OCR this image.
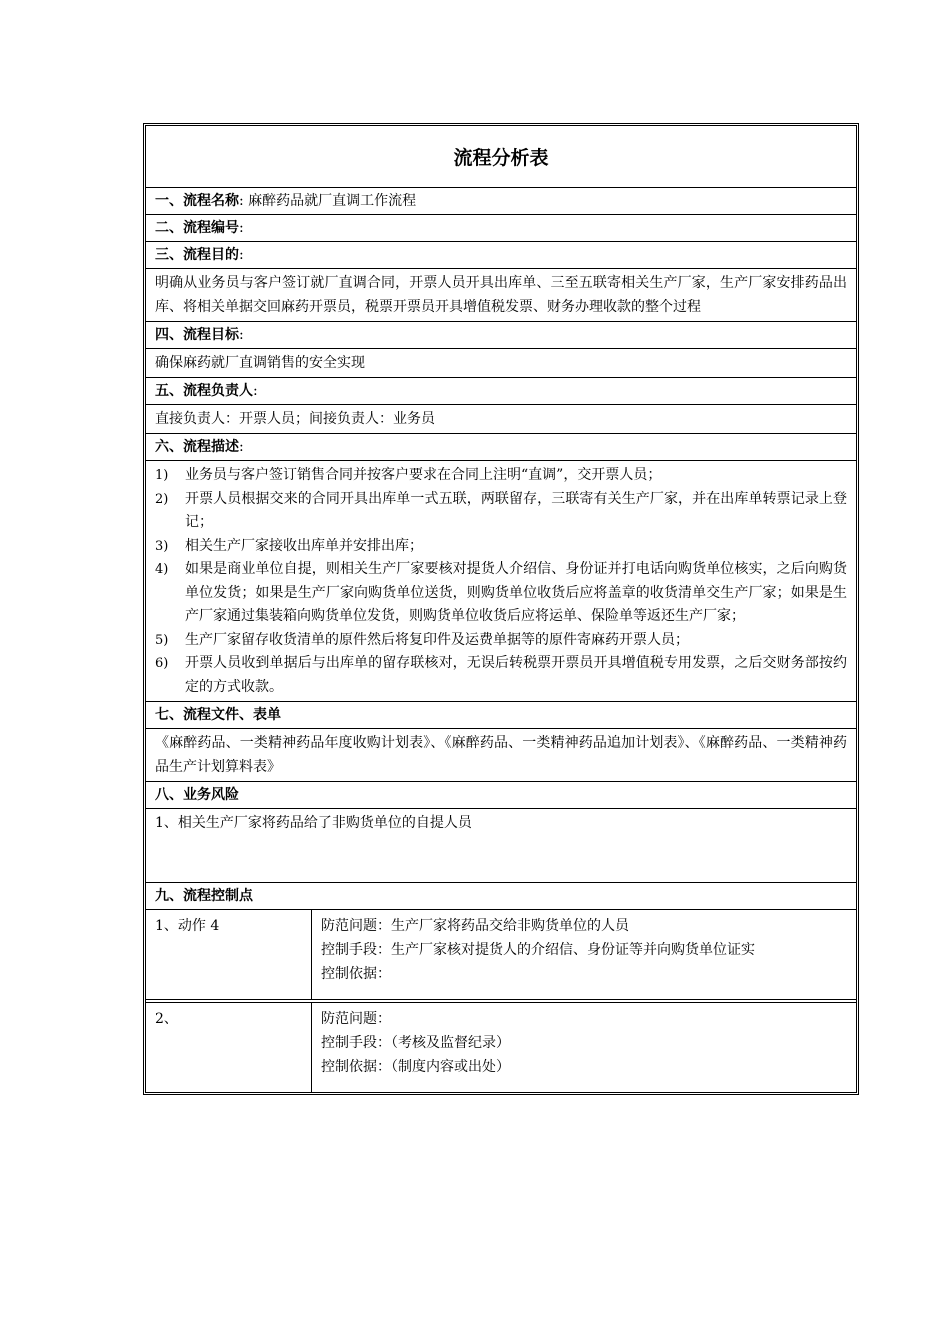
流程分析表
一、流程名称: 麻醉药品就厂直调工作流程
二、流程编号:
三、流程目的:
明确从业务员与客户签订就厂直调合同，开票人员开具出库单、三至五联寄相关生产厂家，生产厂家安排药品出库、将相关单据交回麻药开票员，税票开票员开具增值税发票、财务办理收款的整个过程
四、流程目标:
确保麻药就厂直调销售的安全实现
五、流程负责人:
直接负责人：开票人员；间接负责人：业务员
六、流程描述:
1)	业务员与客户签订销售合同并按客户要求在合同上注明“直调”，交开票人员；
2)	开票人员根据交来的合同开具出库单一式五联，两联留存，三联寄有关生产厂家，并在出库单转票记录上登记；
3)	相关生产厂家接收出库单并安排出库；
4)	如果是商业单位自提，则相关生产厂家要核对提货人介绍信、身份证并打电话向购货单位核实，之后向购货单位发货；如果是生产厂家向购货单位送货，则购货单位收货后应将盖章的收货清单交生产厂家；如果是生产厂家通过集装箱向购货单位发货，则购货单位收货后应将运单、保险单等返还生产厂家；
5)	生产厂家留存收货清单的原件然后将复印件及运费单据等的原件寄麻药开票人员；
6)	开票人员收到单据后与出库单的留存联核对，无误后转税票开票员开具增值税专用发票，之后交财务部按约定的方式收款。
七、流程文件、表单
《麻醉药品、一类精神药品年度收购计划表》、《麻醉药品、一类精神药品追加计划表》、《麻醉药品、一类精神药品生产计划算料表》
八、业务风险
1、相关生产厂家将药品给了非购货单位的自提人员
九、流程控制点
1、动作 4	防范问题：生产厂家将药品交给非购货单位的人员
控制手段：生产厂家核对提货人的介绍信、身份证等并向购货单位证实
控制依据：
2、	防范问题：
控制手段：（考核及监督纪录）
控制依据：（制度内容或出处）
